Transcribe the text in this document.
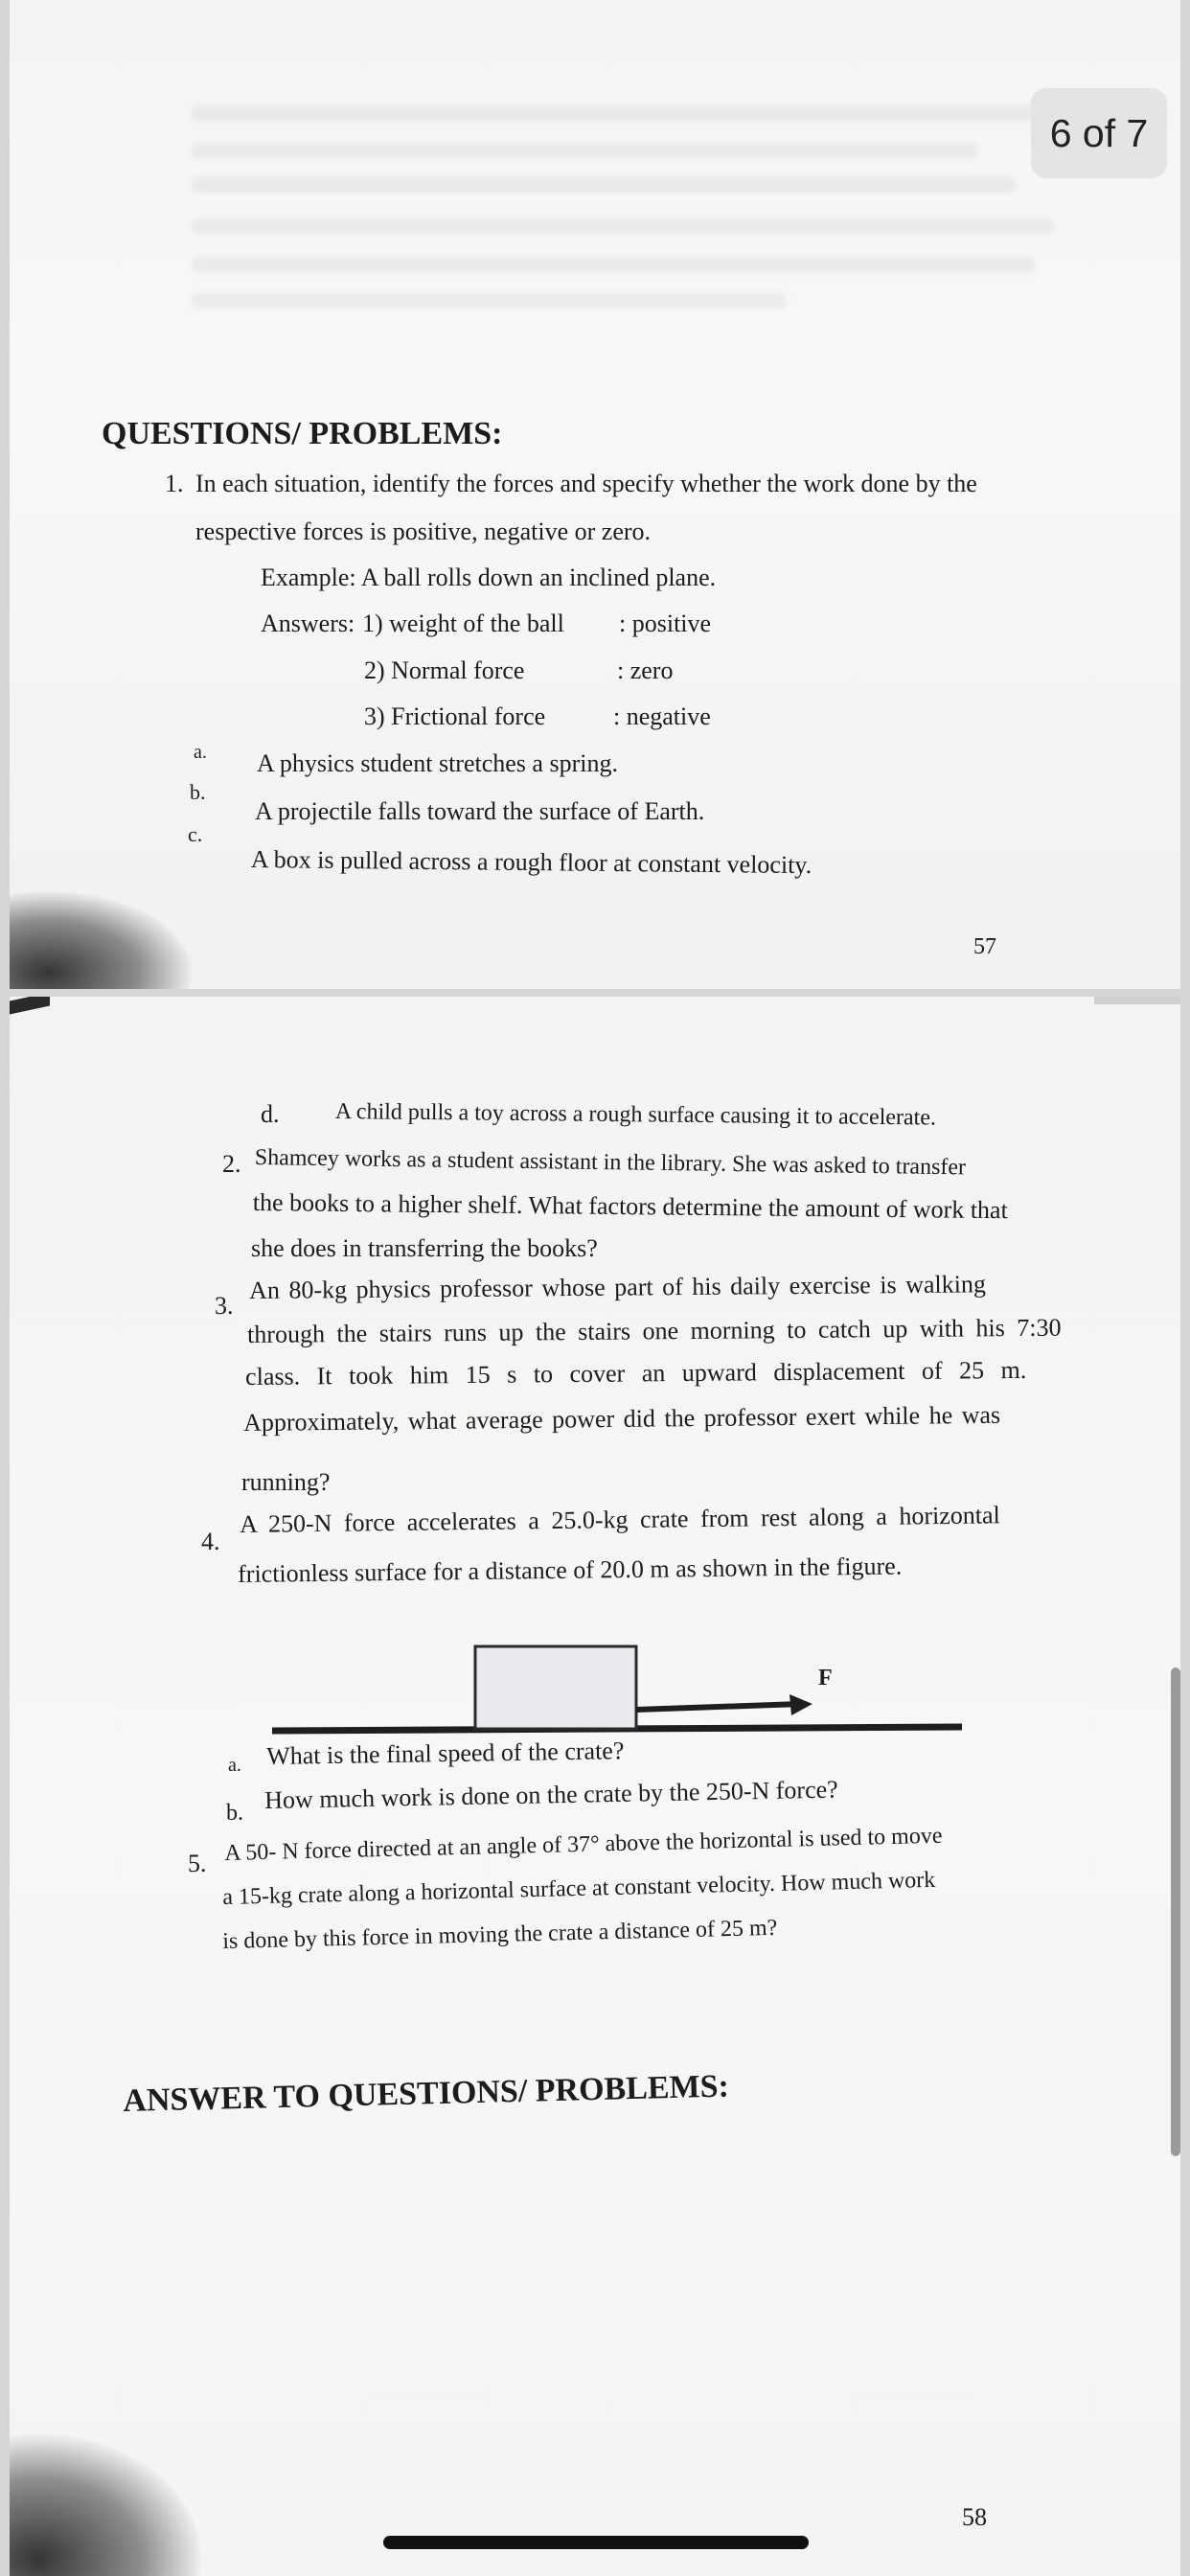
QUESTIONS/ PROBLEMS:
1. In each situation, identify the forces and specify whether the work done by the
respective forces is positive, negative or zero.
Example: A ball rolls down an inclined plane.
Answers: 1) weight of the ball : positive
2) Normal force	: zero
3) Frictional force	: negative
a. A physics student stretches a spring.
b.
A projectile falls toward the surface of Earth.
c.
A box is pulled across a rough floor at constant velocity.
57
d. A child pulls a toy across a rough surface causing it to accelerate.
2. Shamcey works as a student assistant in the library. She was asked to transfer
the books to a higher shelf. What factors determine the amount of work that
she does in transferring the books?
3.
An 80-kg physics professor whose part of his daily exercise is walking
through the stairs runs up the stairs one morning to catch up with his 7:30
class. It took him 15 s to cover an upward displacement of 25 m.
Approximately, what average power did the professor exert while he was
running?
4.
A 250-N force accelerates a 25.0-kg crate from rest along a horizontal
frictionless surface for a distance of 20.0 m as shown in the figure.
F
a. What is the final speed of the crate?
b. How much work is done on the crate by the 250-N force?
5. A 50- N force directed at an angle of 37° above the horizontal is used to move
a 15-kg crate along a horizontal surface at constant velocity. How much work
is done by this force in moving the crate a distance of 25 m?
ANSWER TO QUESTIONS/ PROBLEMS:
58
6 of 7
